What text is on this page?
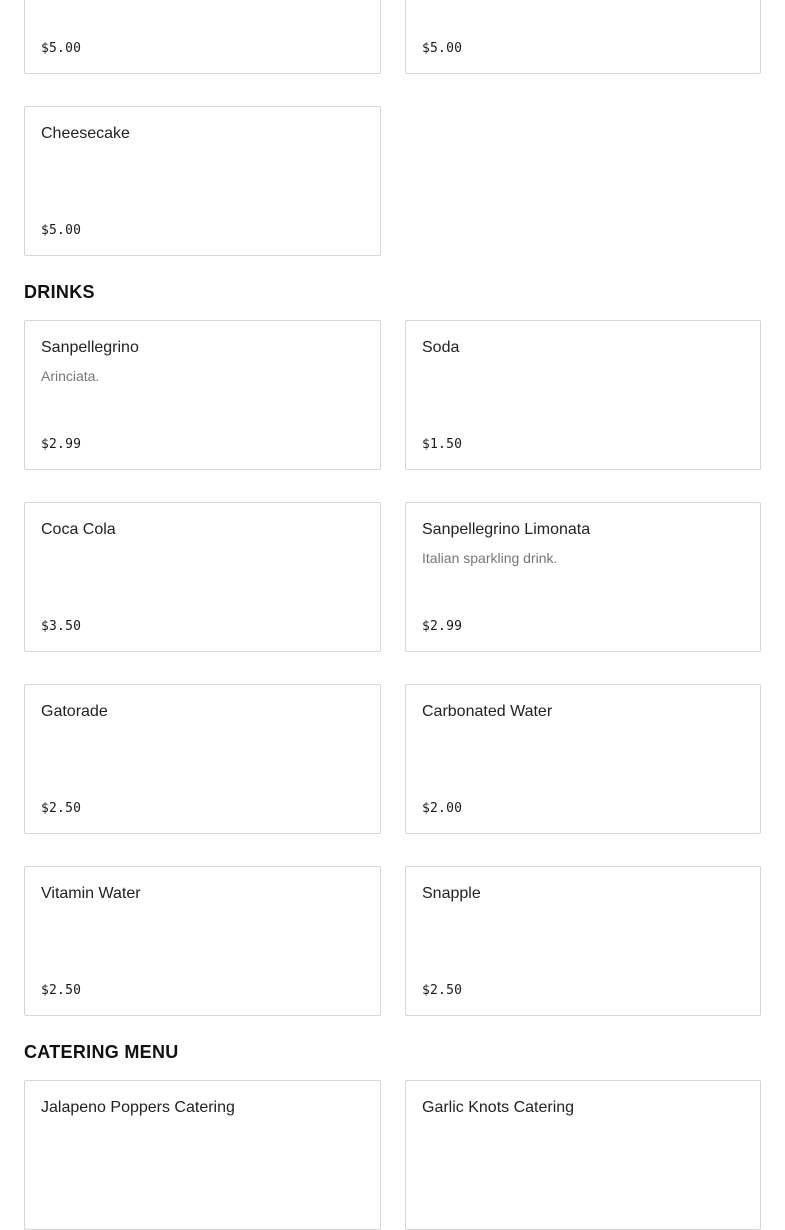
$5.00	$5.00
Cheesecake
$5.00
DRINKS
Sanpellegrino
Arinciata.
$2.99
Soda
$1.50
Coca Cola
$3.50
Sanpellegrino Limonata
Italian sparkling drink.
$2.99
Gatorade
$2.50
Carbonated Water
$2.00
Vitamin Water
$2.50
Snapple
$2.50
CATERING MENU
Jalapeno Poppers Catering	Garlic Knots Catering
